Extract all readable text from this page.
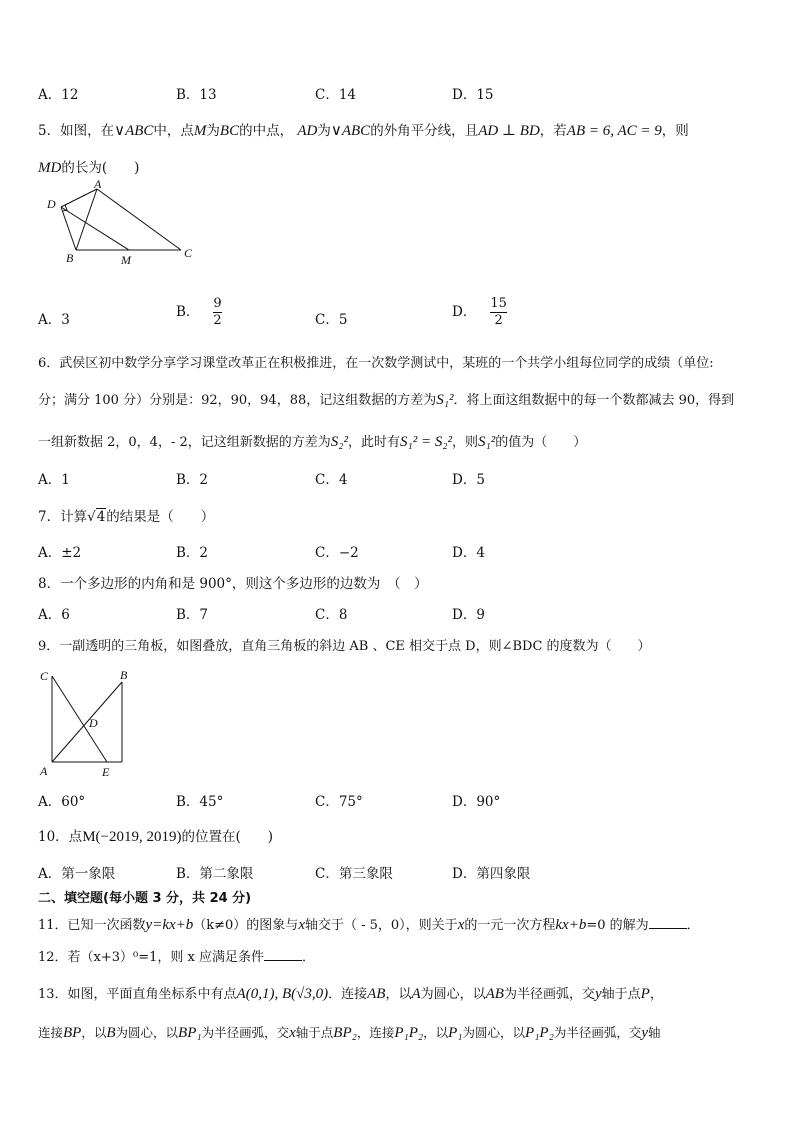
A．12	B．13	C．14	D．15
5．如图，在∨ABC中，点M为BC的中点， AD为∨ABC的外角平分线，且AD ⊥ BD，若AB = 6, AC = 9，则
MD的长为(　　)
A
D
B	M	C
A．3	B． $\frac{9}{2}$	C．5	D． $\frac{15}{2}$
6．武侯区初中数学分享学习课堂改革正在积极推进，在一次数学测试中，某班的一个共学小组每位同学的成绩（单位:
分；满分 100 分）分别是：92，90，94，88，记这组数据的方差为S₁²．将上面这组数据中的每一个数都减去 90，得到
一组新数据 2，0，4，- 2，记这组新数据的方差为S₂²，此时有S₁² = S₂²，则S₁²的值为（　　）
A．1	B．2	C．4	D．5
7．计算√4的结果是（　　）
A．±2	B．2	C．−2	D．4
8．一个多边形的内角和是 900°，则这个多边形的边数为　（　）
A．6	B．7	C．8	D．9
9．一副透明的三角板，如图叠放，直角三角板的斜边 AB 、CE 相交于点 D，则∠BDC 的度数为（　　）
C	B
D
A	E
A．60°	B．45°	C．75°	D．90°
10．点M(−2019, 2019)的位置在(　　)
A．第一象限	B．第二象限	C．第三象限	D．第四象限
二、填空题(每小题 3 分，共 24 分)
11．已知一次函数y=kx+b（k≠0）的图象与x轴交于（ - 5，0），则关于x的一元一次方程kx+b=0 的解为	．
12．若（x+3）⁰=1，则 x 应满足条件	．
13．如图，平面直角坐标系中有点A(0,1), B(√3,0)．连接AB，以A为圆心，以AB为半径画弧，交y轴于点P，
连接BP，以B为圆心，以BP₁为半径画弧，交x轴于点BP₂，连接P₁P₂，以P₁为圆心，以P₁P₂为半径画弧，交y轴
